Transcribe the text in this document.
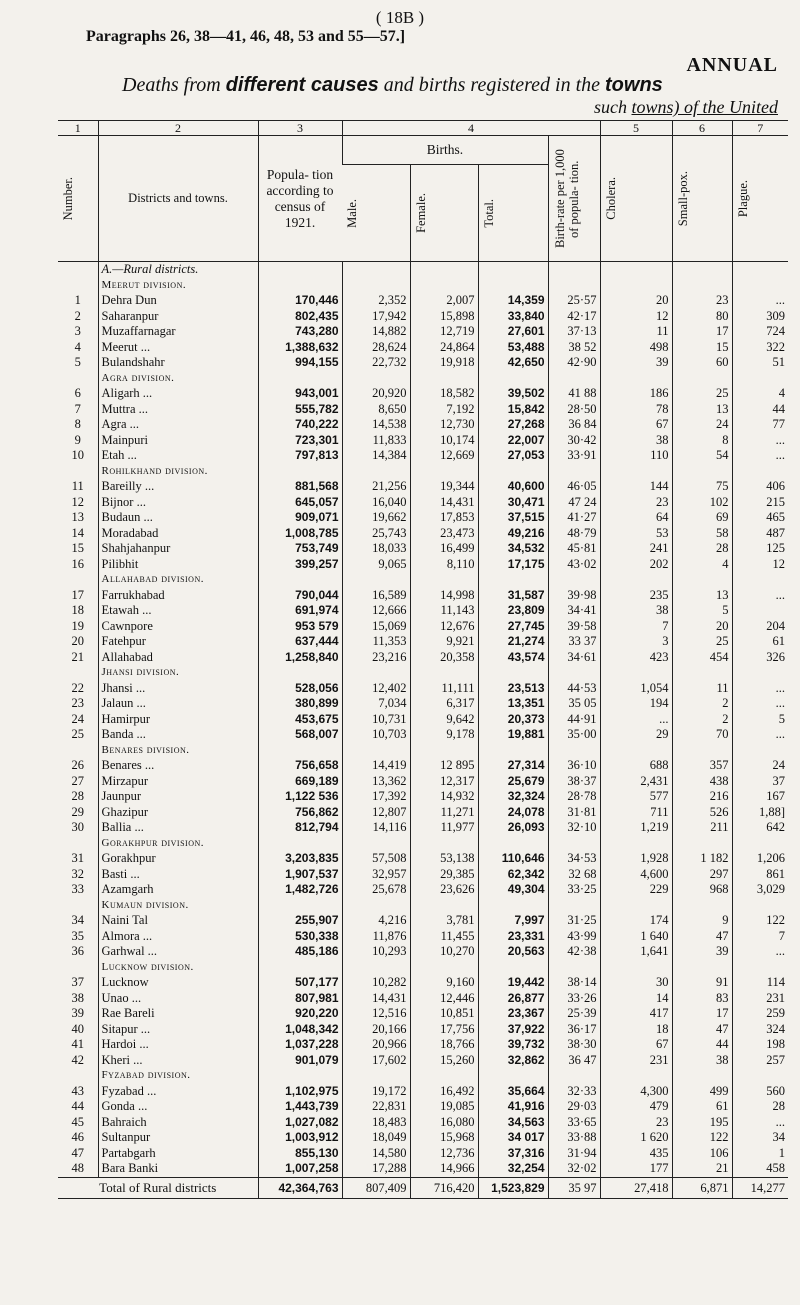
( 18B )
Paragraphs 26, 38—41, 46, 48, 53 and 55—57.]
ANNUAL
Deaths from different causes and births registered in the towns
such towns) of the United
1	2	3	4				5	6	7

Number.	Districts and towns.	Popula- tion according to census of 1921.	Births.			Birth-rate per 1,000 of popula- tion.	Cholera.	Small-pox.	Plague.

			Male.	Female.	Total.				

	A.—Rural districts.								
	Meerut division.								
1	Dehra Dun	170,446	2,352	2,007	14,359	25·57	20	23	...
2	Saharanpur	802,435	17,942	15,898	33,840	42·17	12	80	309
3	Muzaffarnagar	743,280	14,882	12,719	27,601	37·13	11	17	724
4	Meerut ...	1,388,632	28,624	24,864	53,488	38 52	498	15	322
5	Bulandshahr	994,155	22,732	19,918	42,650	42·90	39	60	51
	Agra division.								
6	Aligarh ...	943,001	20,920	18,582	39,502	41 88	186	25	4
7	Muttra ...	555,782	8,650	7,192	15,842	28·50	78	13	44
8	Agra ...	740,222	14,538	12,730	27,268	36 84	67	24	77
9	Mainpuri	723,301	11,833	10,174	22,007	30·42	38	8	...
10	Etah ...	797,813	14,384	12,669	27,053	33·91	110	54	...
	Rohilkhand division.								
11	Bareilly ...	881,568	21,256	19,344	40,600	46·05	144	75	406
12	Bijnor ...	645,057	16,040	14,431	30,471	47 24	23	102	215
13	Budaun ...	909,071	19,662	17,853	37,515	41·27	64	69	465
14	Moradabad	1,008,785	25,743	23,473	49,216	48·79	53	58	487
15	Shahjahanpur	753,749	18,033	16,499	34,532	45·81	241	28	125
16	Pilibhit	399,257	9,065	8,110	17,175	43·02	202	4	12
	Allahabad division.								
17	Farrukhabad	790,044	16,589	14,998	31,587	39·98	235	13	...
18	Etawah ...	691,974	12,666	11,143	23,809	34·41	38	5	
19	Cawnpore	953 579	15,069	12,676	27,745	39·58	7	20	204
20	Fatehpur	637,444	11,353	9,921	21,274	33 37	3	25	61
21	Allahabad	1,258,840	23,216	20,358	43,574	34·61	423	454	326
	Jhansi division.								
22	Jhansi ...	528,056	12,402	11,111	23,513	44·53	1,054	11	...
23	Jalaun ...	380,899	7,034	6,317	13,351	35 05	194	2	...
24	Hamirpur	453,675	10,731	9,642	20,373	44·91	...	2	5
25	Banda ...	568,007	10,703	9,178	19,881	35·00	29	70	...
	Benares division.								
26	Benares ...	756,658	14,419	12 895	27,314	36·10	688	357	24
27	Mirzapur	669,189	13,362	12,317	25,679	38·37	2,431	438	37
28	Jaunpur	1,122 536	17,392	14,932	32,324	28·78	577	216	167
29	Ghazipur	756,862	12,807	11,271	24,078	31·81	711	526	1,88]
30	Ballia ...	812,794	14,116	11,977	26,093	32·10	1,219	211	642
	Gorakhpur division.								
31	Gorakhpur	3,203,835	57,508	53,138	110,646	34·53	1,928	1 182	1,206
32	Basti ...	1,907,537	32,957	29,385	62,342	32 68	4,600	297	861
33	Azamgarh	1,482,726	25,678	23,626	49,304	33·25	229	968	3,029
	Kumaun division.								
34	Naini Tal	255,907	4,216	3,781	7,997	31·25	174	9	122
35	Almora ...	530,338	11,876	11,455	23,331	43·99	1 640	47	7
36	Garhwal ...	485,186	10,293	10,270	20,563	42·38	1,641	39	...
	Lucknow division.								
37	Lucknow	507,177	10,282	9,160	19,442	38·14	30	91	114
38	Unao ...	807,981	14,431	12,446	26,877	33·26	14	83	231
39	Rae Bareli	920,220	12,516	10,851	23,367	25·39	417	17	259
40	Sitapur ...	1,048,342	20,166	17,756	37,922	36·17	18	47	324
41	Hardoi ...	1,037,228	20,966	18,766	39,732	38·30	67	44	198
42	Kheri ...	901,079	17,602	15,260	32,862	36 47	231	38	257
	Fyzabad division.								
43	Fyzabad ...	1,102,975	19,172	16,492	35,664	32·33	4,300	499	560
44	Gonda ...	1,443,739	22,831	19,085	41,916	29·03	479	61	28
45	Bahraich	1,027,082	18,483	16,080	34,563	33·65	23	195	...
46	Sultanpur	1,003,912	18,049	15,968	34 017	33·88	1 620	122	34
47	Partabgarh	855,130	14,580	12,736	37,316	31·94	435	106	1
48	Bara Banki	1,007,258	17,288	14,966	32,254	32·02	177	21	458
Total of Rural districts		42,364,763	807,409	716,420	1,523,829	35 97	27,418	6,871	14,277
